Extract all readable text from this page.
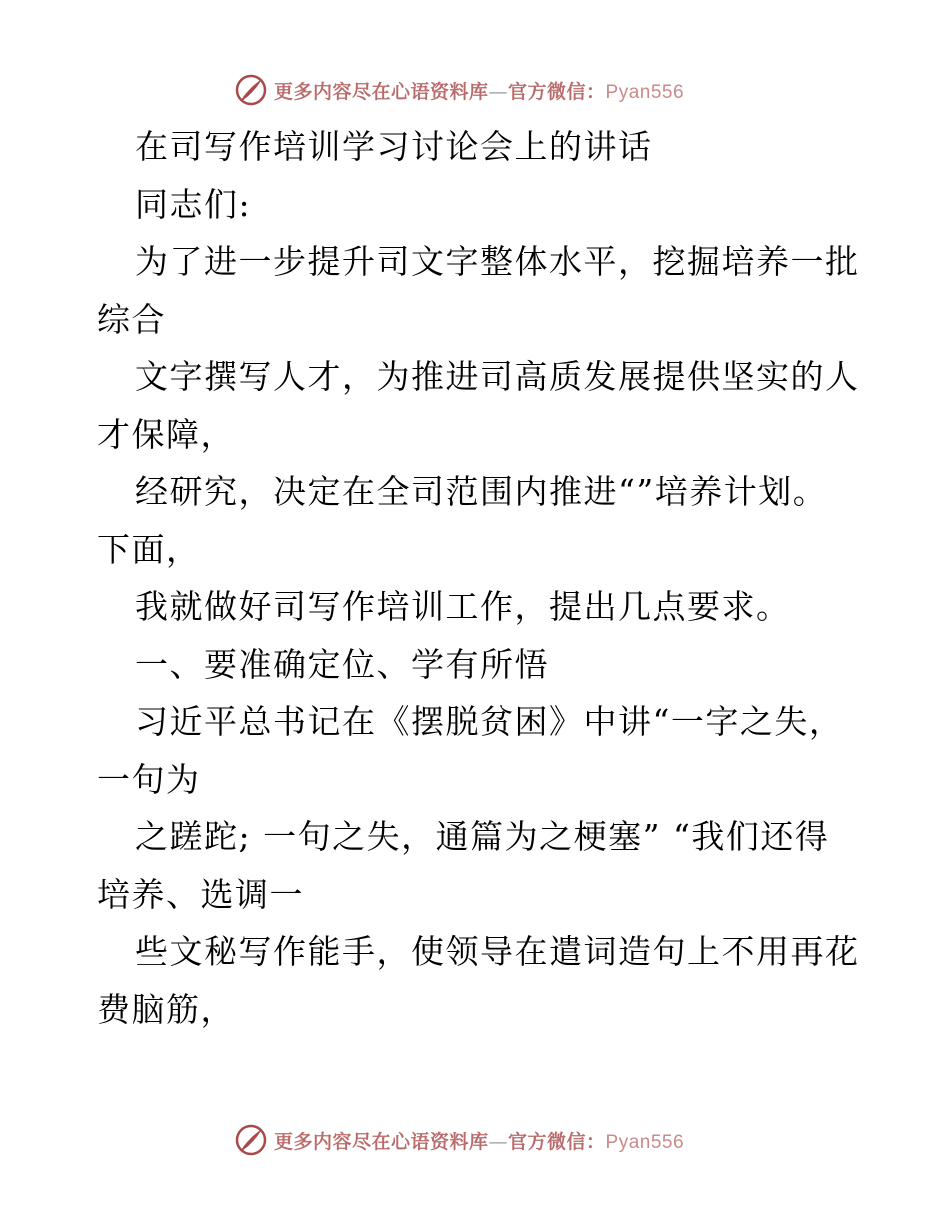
更多内容尽在心语资料库—官方微信：Pyan556
在司写作培训学习讨论会上的讲话
同志们:
为了进一步提升司文字整体水平，挖掘培养一批
综合
文字撰写人才，为推进司高质发展提供坚实的人
才保障，
经研究，决定在全司范围内推进“”培养计划。
下面，
我就做好司写作培训工作，提出几点要求。
一、要准确定位、学有所悟
习近平总书记在《摆脱贫困》中讲“一字之失，
一句为
之蹉跎; 一句之失，通篇为之梗塞” “我们还得
培养、选调一
些文秘写作能手，使领导在遣词造句上不用再花
费脑筋，
更多内容尽在心语资料库—官方微信：Pyan556
